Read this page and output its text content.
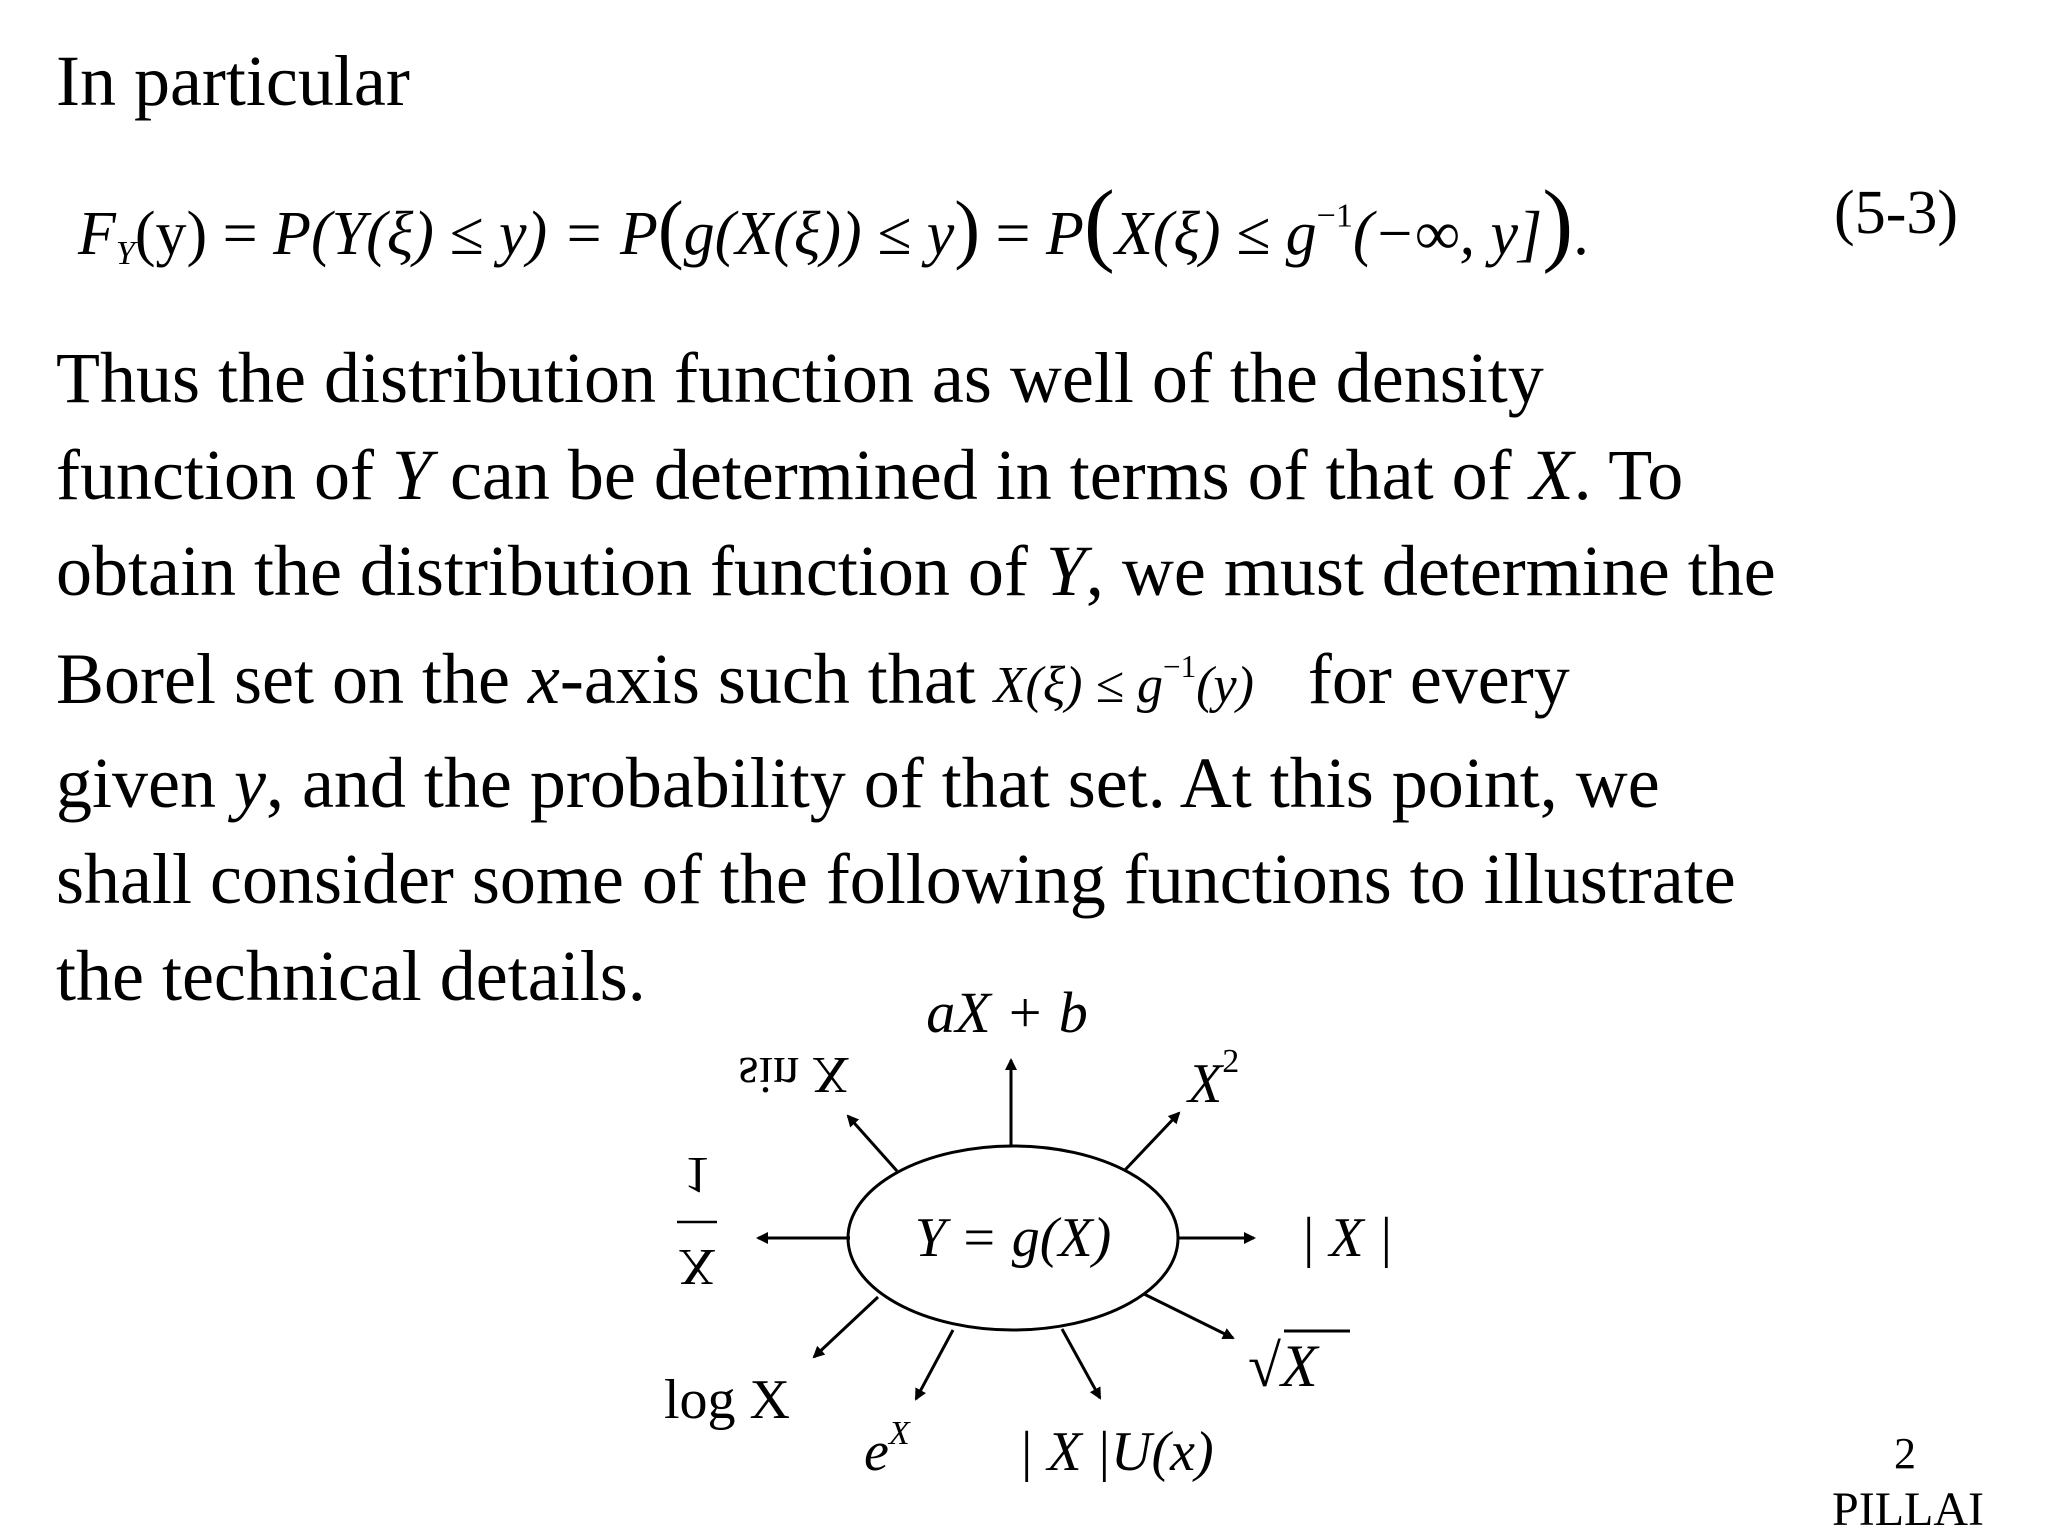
In particular
$F_Y(y) = P(Y(\xi) \le y) = P(g(X(\xi)) \le y) = P(X(\xi) \le g^{-1}(-\infty$, y]).	(5-3)
Thus the distribution function as well of the density
function of Y can be determined in terms of that of X. To
obtain the distribution function of Y, we must determine the
Borel set on the x-axis such that $X(\xi) \le g^{-1}(y)$ for every
given y, and the probability of that set. At this point, we
shall consider some of the following functions to illustrate
the technical details.
Y = g(X)
aX + b
sin X	$X^2$
1
X	| X |
√X
log X
$e^X$ | X |U(x)	2
PILLAI
